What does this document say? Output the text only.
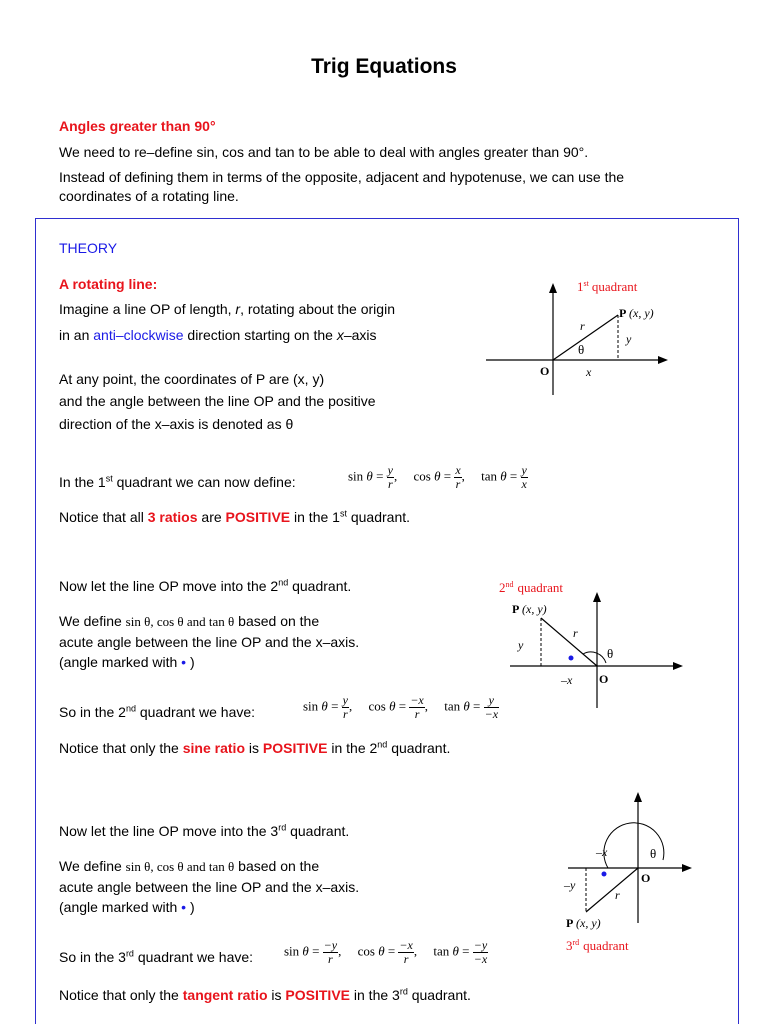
Trig Equations
Angles greater than 90°
We need to re–define sin, cos and tan to be able to deal with angles greater than 90°.
Instead of defining them in terms of the opposite, adjacent and hypotenuse, we can use the
coordinates of a rotating line.
THEORY
A rotating line:
Imagine a line OP of length, r, rotating about the origin
in an anti–clockwise direction starting on the x–axis
At any point, the coordinates of P are (x, y)
and the angle between the line OP and the positive
direction of the x–axis is denoted as θ
1st quadrant
P (x, y)
r
y
θ
O	x
In the 1st quadrant we can now define:	$\sin \theta = \frac{y}{r}$ ,     $\cos \theta = \frac{x}{r}$ ,     $\tan \theta = \frac{y}{x}$
Notice that all 3 ratios are POSITIVE in the 1st quadrant.
Now let the line OP move into the 2nd quadrant.
We define sin θ, cos θ and tan θ based on the
acute angle between the line OP and the x–axis.
(angle marked with • )
2nd quadrant
P (x, y)
r
y
θ
–x O
So in the 2nd quadrant we have:	$\sin \theta = \frac{y}{r}$ ,     $\cos \theta = \frac{-x}{r}$ ,     $\tan \theta = \frac{y}{-x}$
Notice that only the sine ratio is POSITIVE in the 2nd quadrant.
Now let the line OP move into the 3rd quadrant.
We define sin θ, cos θ and tan θ based on the
acute angle between the line OP and the x–axis.
(angle marked with • )
–x	θ
–y	O
r
P (x, y)
3rd quadrant
So in the 3rd quadrant we have: $\sin \theta = \frac{-y}{r}$ ,     $\cos \theta = \frac{-x}{r}$ ,     $\tan \theta = \frac{-y}{-x}$
Notice that only the tangent ratio is POSITIVE in the 3rd quadrant.
